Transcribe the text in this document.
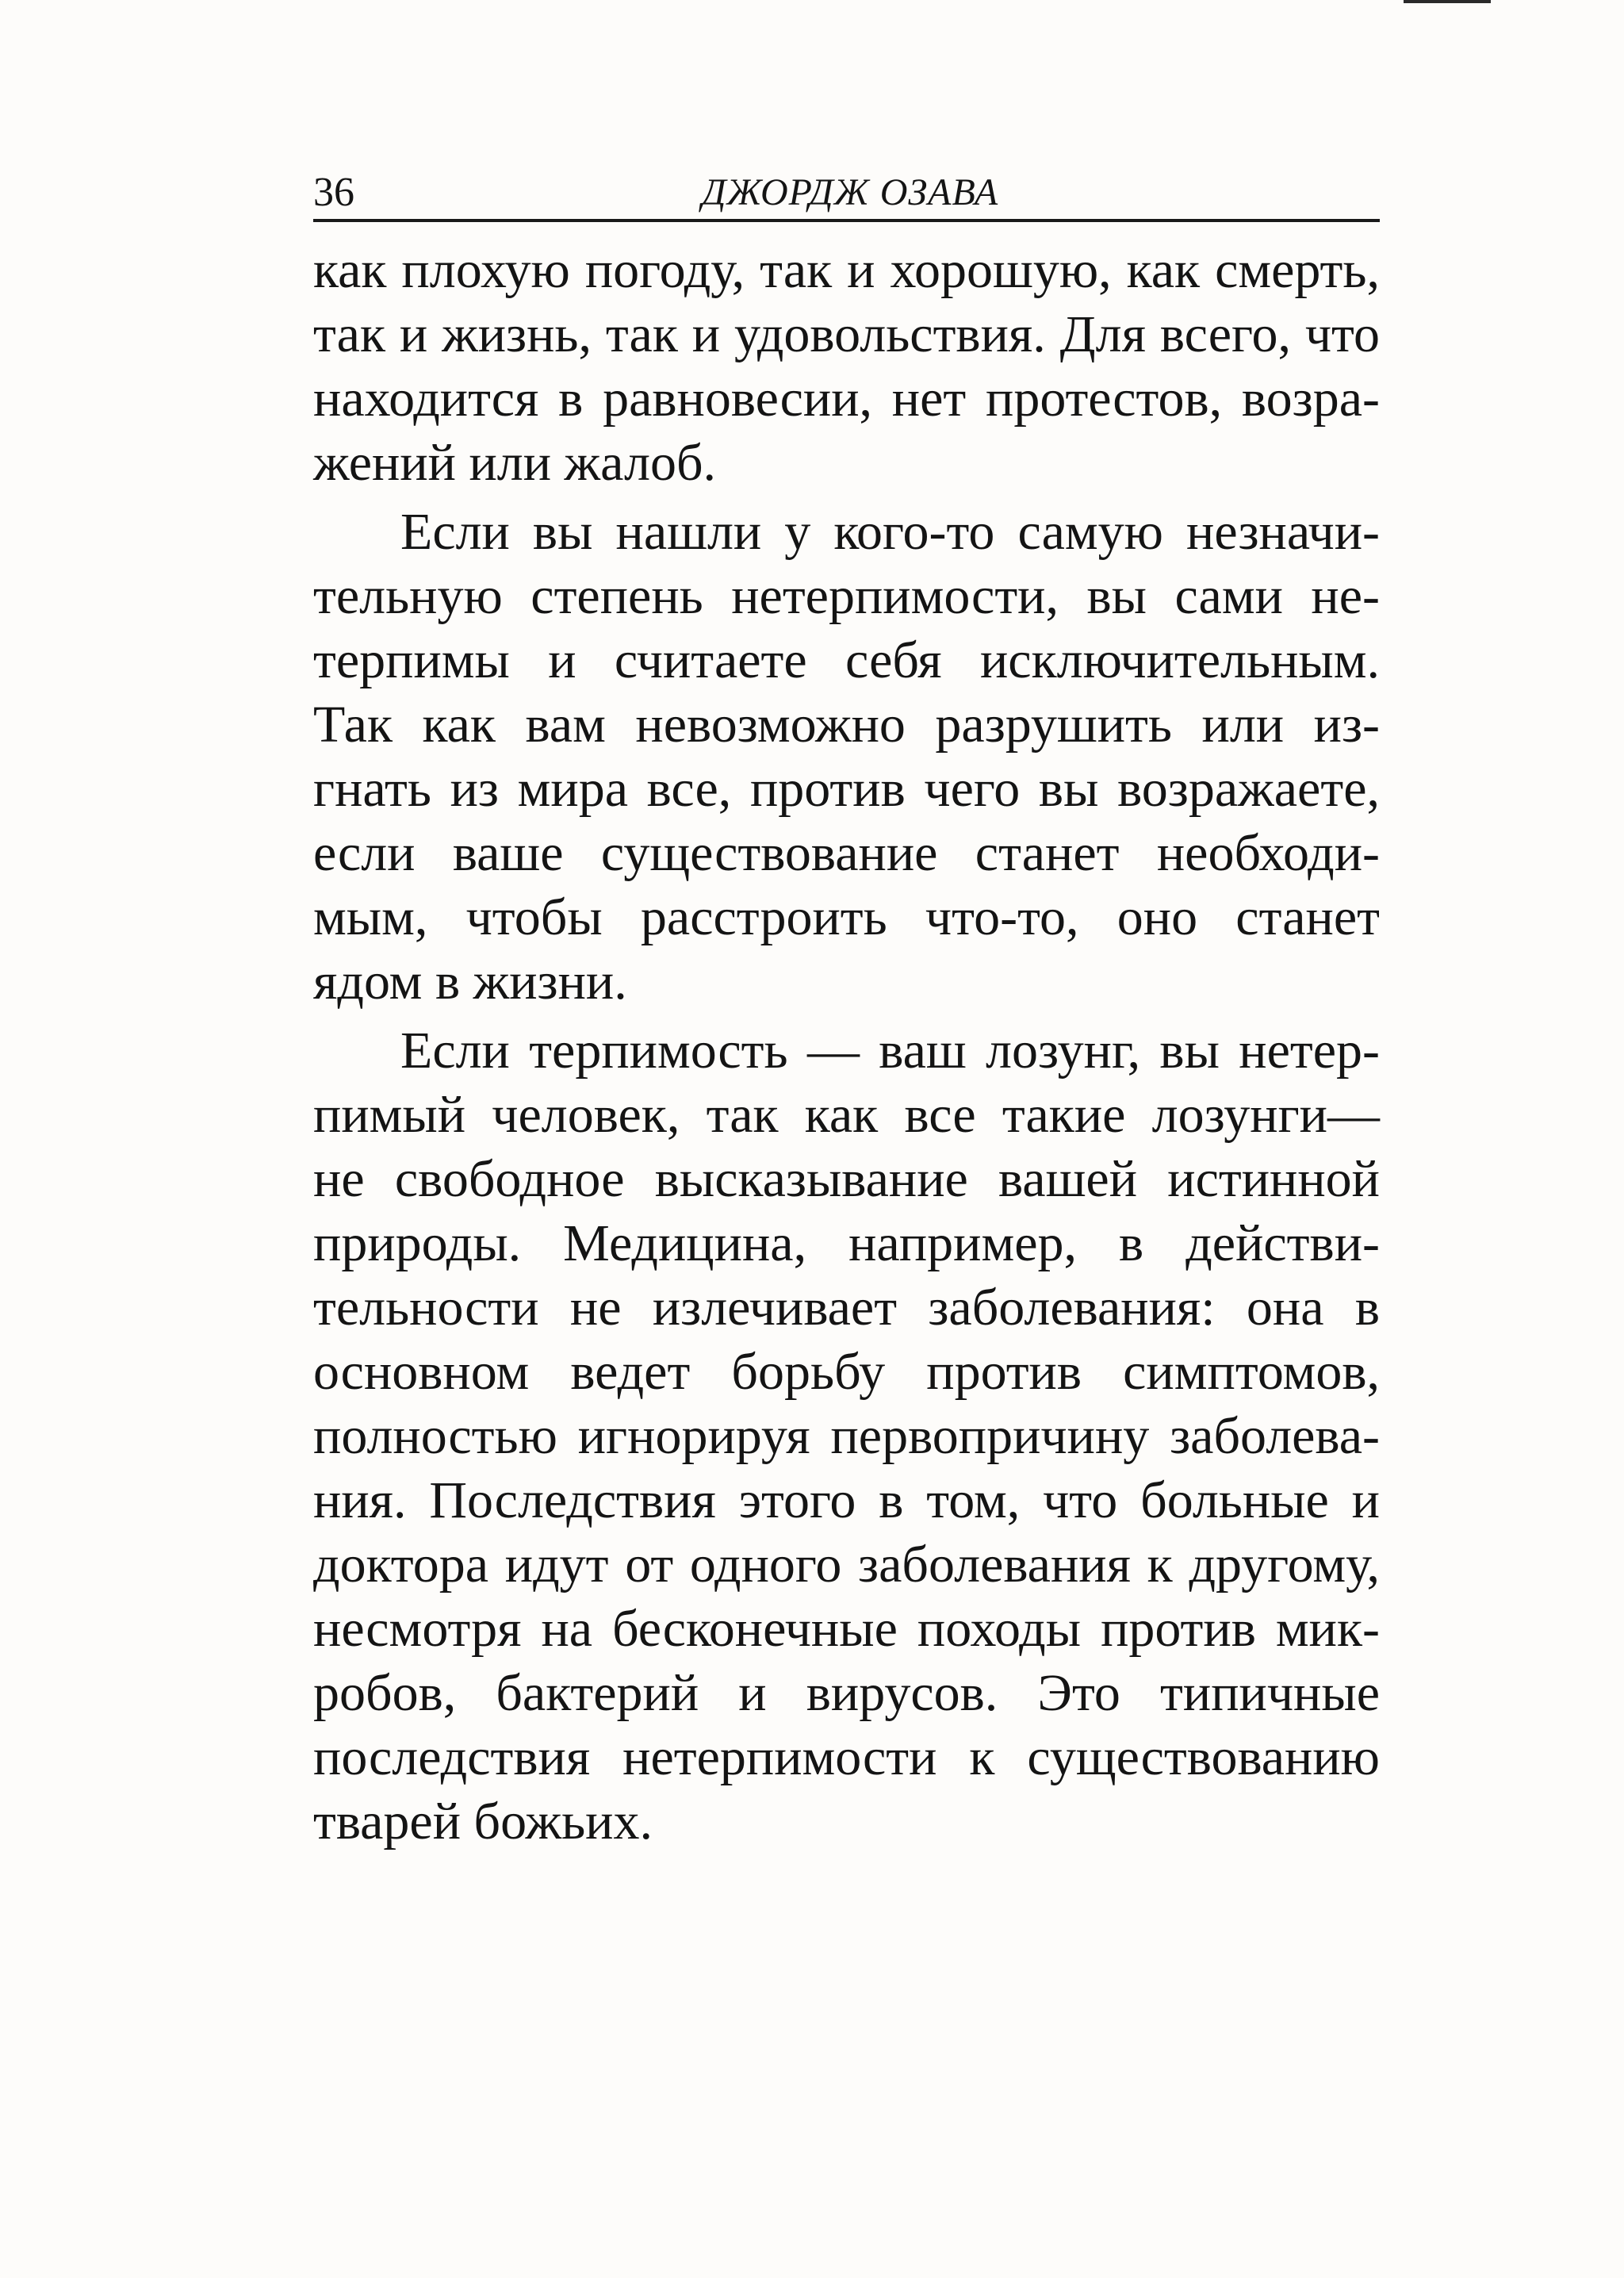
36	ДЖОРДЖ ОЗАВА

как плохую погоду, так и хорошую, как смерть,
так и жизнь, так и удовольствия. Для всего, что
находится в равновесии, нет протестов, возра-
жений или жалоб.

Если вы нашли у кого-то самую незначи-
тельную степень нетерпимости, вы сами не-
терпимы и считаете себя исключительным.
Так как вам невозможно разрушить или из-
гнать из мира все, против чего вы возражаете,
если ваше существование станет необходи-
мым, чтобы расстроить что-то, оно станет
ядом в жизни.

Если терпимость — ваш лозунг, вы нетер-
пимый человек, так как все такие лозунги—
не свободное высказывание вашей истинной
природы. Медицина, например, в действи-
тельности не излечивает заболевания: она в
основном ведет борьбу против симптомов,
полностью игнорируя первопричину заболева-
ния. Последствия этого в том, что больные и
доктора идут от одного заболевания к другому,
несмотря на бесконечные походы против мик-
робов, бактерий и вирусов. Это типичные
последствия нетерпимости к существованию
тварей божьих.
